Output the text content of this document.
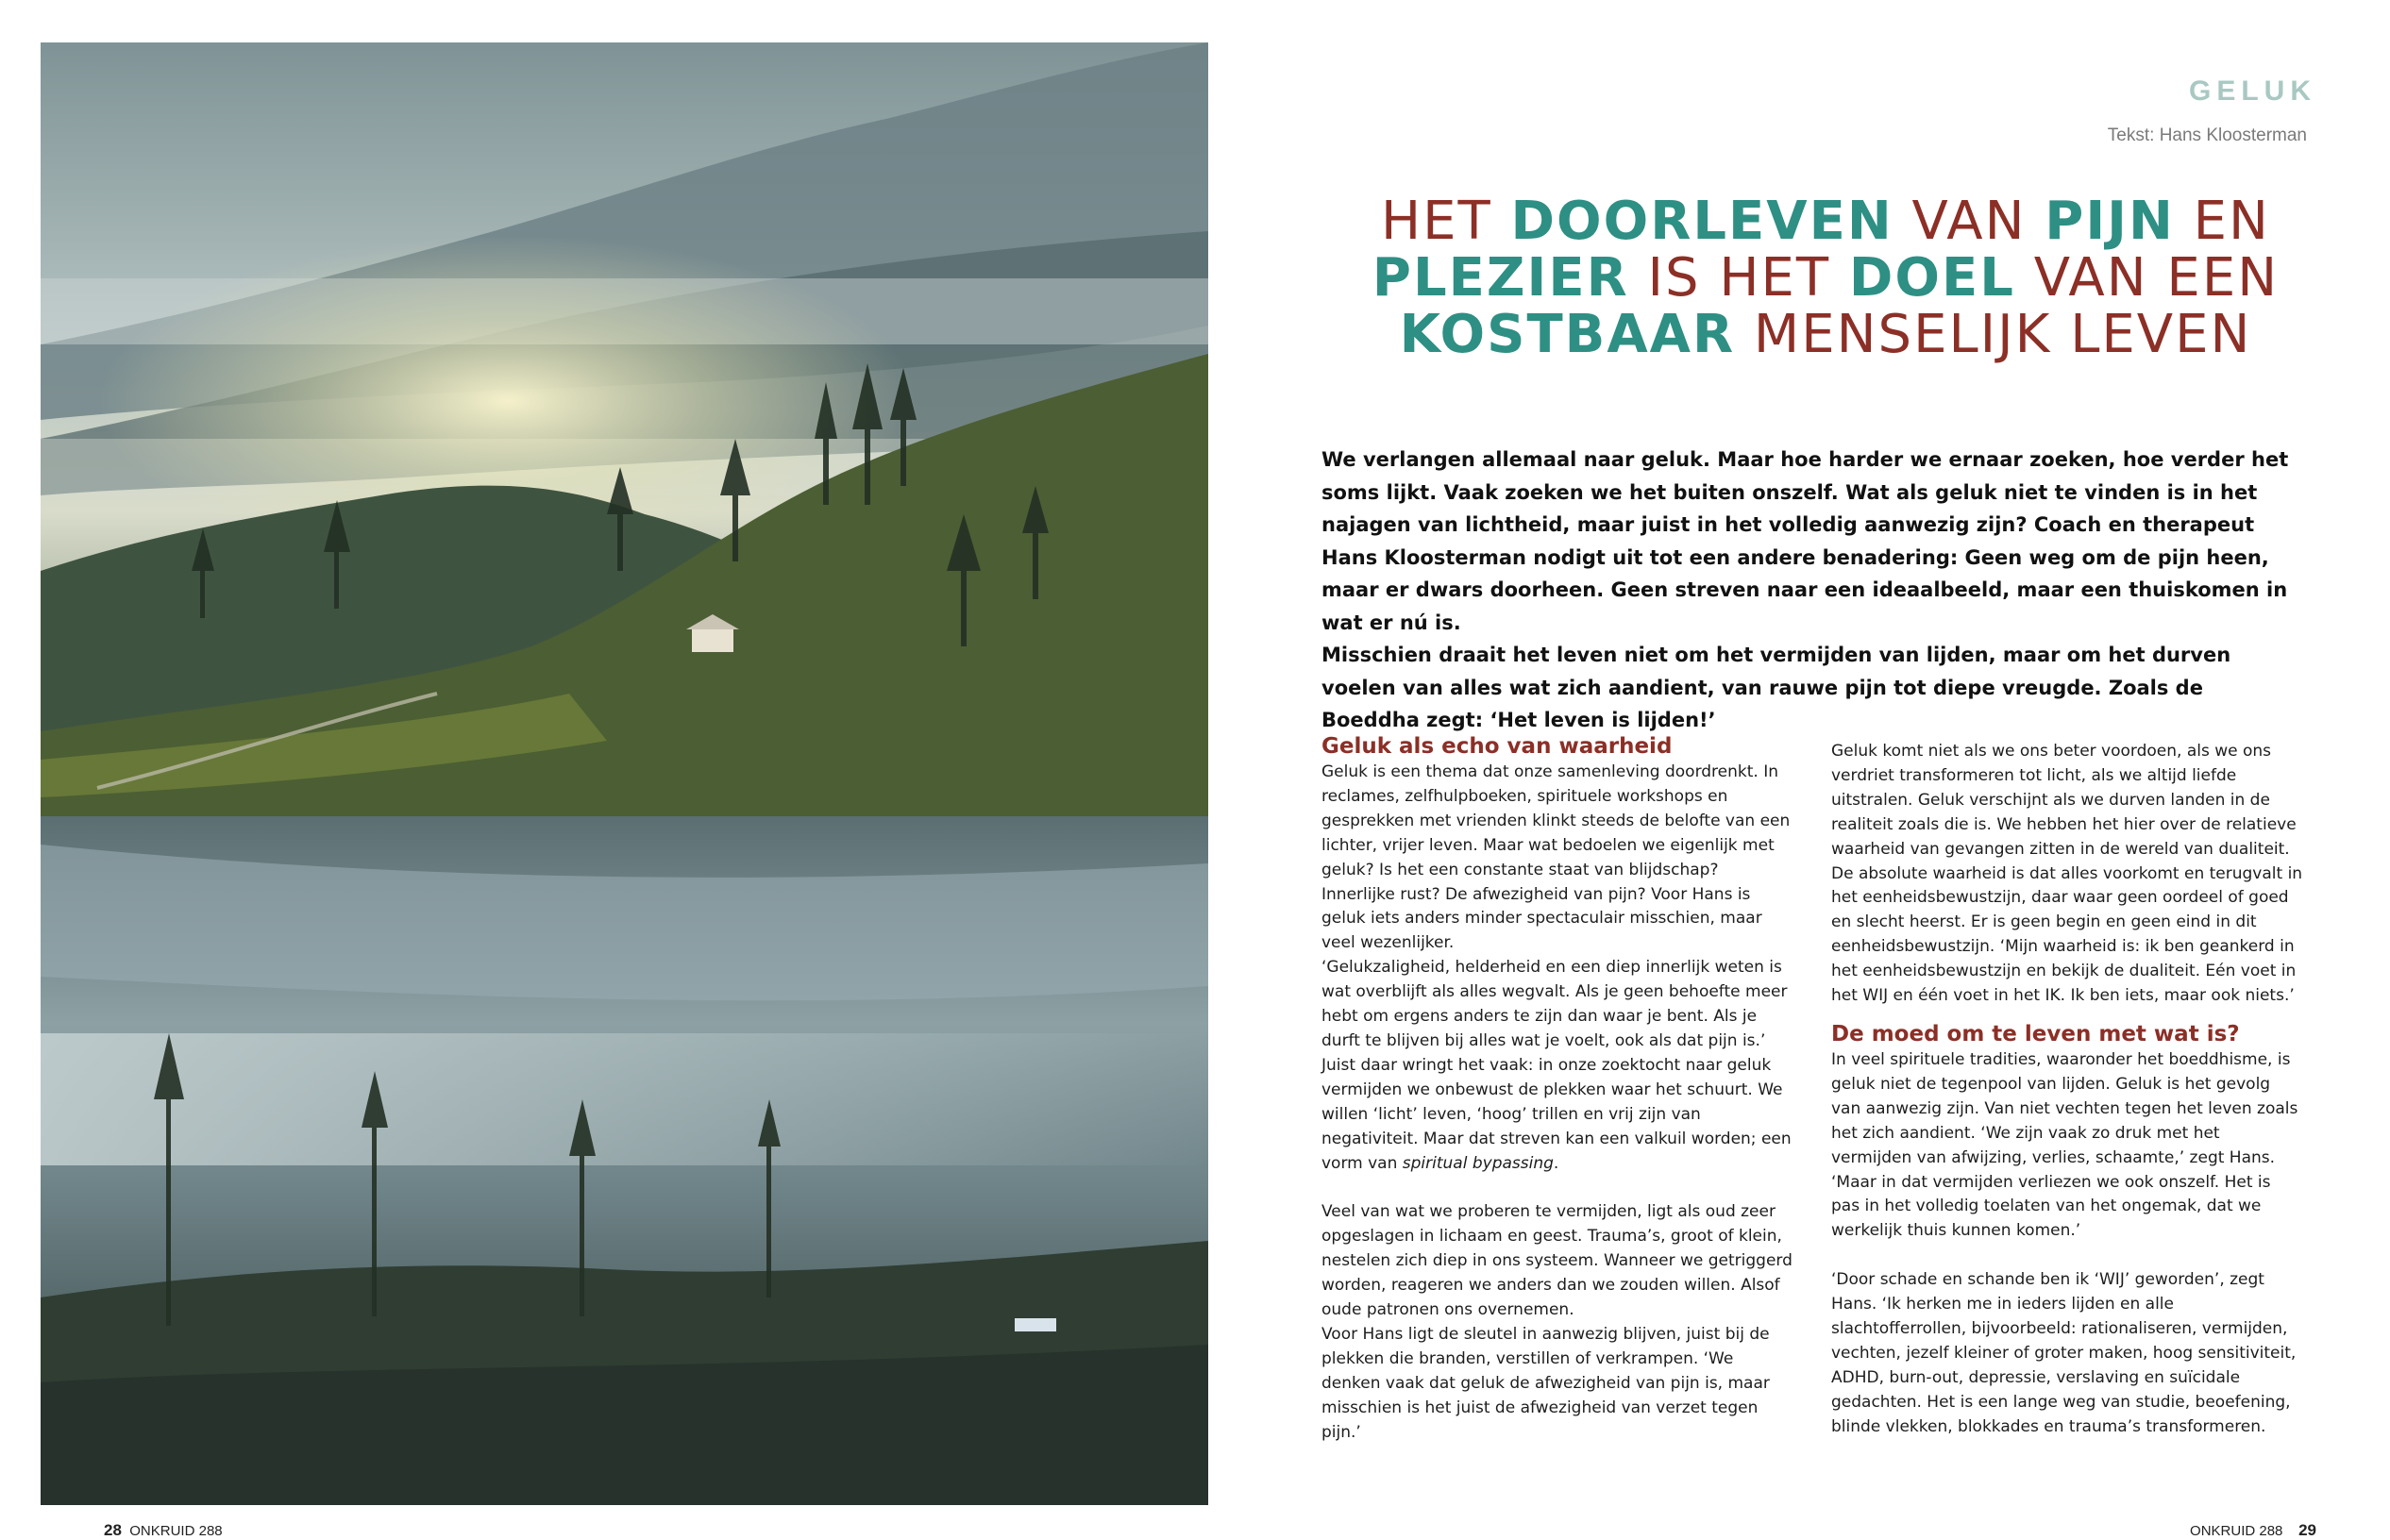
GELUK
Tekst: Hans Kloosterman
HET DOORLEVEN VAN PIJN EN PLEZIER IS HET DOEL VAN EEN KOSTBAAR MENSELIJK LEVEN

We verlangen allemaal naar geluk. Maar hoe harder we ernaar zoeken, hoe verder het soms lijkt. Vaak zoeken we het buiten onszelf. Wat als geluk niet te vinden is in het najagen van lichtheid, maar juist in het volledig aanwezig zijn? Coach en therapeut Hans Kloosterman nodigt uit tot een andere benadering: Geen weg om de pijn heen, maar er dwars doorheen. Geen streven naar een ideaalbeeld, maar een thuiskomen in wat er nú is.

Misschien draait het leven niet om het vermijden van lijden, maar om het durven voelen van alles wat zich aandient, van rauwe pijn tot diepe vreugde. Zoals de Boeddha zegt: ‘Het leven is lijden!’

Geluk als echo van waarheid

Geluk is een thema dat onze samenleving doordrenkt. In reclames, zelfhulpboeken, spirituele workshops en gesprekken met vrienden klinkt steeds de belofte van een lichter, vrijer leven. Maar wat bedoelen we eigenlijk met geluk? Is het een constante staat van blijdschap? Innerlijke rust? De afwezigheid van pijn? Voor Hans is geluk iets anders minder spectaculair misschien, maar veel wezenlijker.

‘Gelukzaligheid, helderheid en een diep innerlijk weten is wat overblijft als alles wegvalt. Als je geen behoefte meer hebt om ergens anders te zijn dan waar je bent. Als je durft te blijven bij alles wat je voelt, ook als dat pijn is.’

Juist daar wringt het vaak: in onze zoektocht naar geluk vermijden we onbewust de plekken waar het schuurt. We willen ‘licht’ leven, ‘hoog’ trillen en vrij zijn van negativiteit. Maar dat streven kan een valkuil worden; een vorm van spiritual bypassing.

Veel van wat we proberen te vermijden, ligt als oud zeer opgeslagen in lichaam en geest. Trauma’s, groot of klein, nestelen zich diep in ons systeem. Wanneer we getriggerd worden, reageren we anders dan we zouden willen. Alsof oude patronen ons overnemen.

Voor Hans ligt de sleutel in aanwezig blijven, juist bij de plekken die branden, verstillen of verkrampen. ‘We denken vaak dat geluk de afwezigheid van pijn is, maar misschien is het juist de afwezigheid van verzet tegen pijn.’

Geluk komt niet als we ons beter voordoen, als we ons verdriet transformeren tot licht, als we altijd liefde uitstralen. Geluk verschijnt als we durven landen in de realiteit zoals die is. We hebben het hier over de relatieve waarheid van gevangen zitten in de wereld van dualiteit. De absolute waarheid is dat alles voorkomt en terugvalt in het eenheidsbewustzijn, daar waar geen oordeel of goed en slecht heerst. Er is geen begin en geen eind in dit eenheidsbewustzijn. ‘Mijn waarheid is: ik ben geankerd in het eenheidsbewustzijn en bekijk de dualiteit. Eén voet in het WIJ en één voet in het IK. Ik ben iets, maar ook niets.’

De moed om te leven met wat is?

In veel spirituele tradities, waaronder het boeddhisme, is geluk niet de tegenpool van lijden. Geluk is het gevolg van aanwezig zijn. Van niet vechten tegen het leven zoals het zich aandient. ‘We zijn vaak zo druk met het vermijden van afwijzing, verlies, schaamte,’ zegt Hans. ‘Maar in dat vermijden verliezen we ook onszelf. Het is pas in het volledig toelaten van het ongemak, dat we werkelijk thuis kunnen komen.’

‘Door schade en schande ben ik ‘WIJ’ geworden’, zegt Hans. ‘Ik herken me in ieders lijden en alle slachtofferrollen, bijvoorbeeld: rationaliseren, vermijden, vechten, jezelf kleiner of groter maken, hoog sensitiviteit, ADHD, burn-out, depressie, verslaving en suïcidale gedachten. Het is een lange weg van studie, beoefening, blinde vlekken, blokkades en trauma’s transformeren.

28 ONKRUID 288	ONKRUID 288 29
